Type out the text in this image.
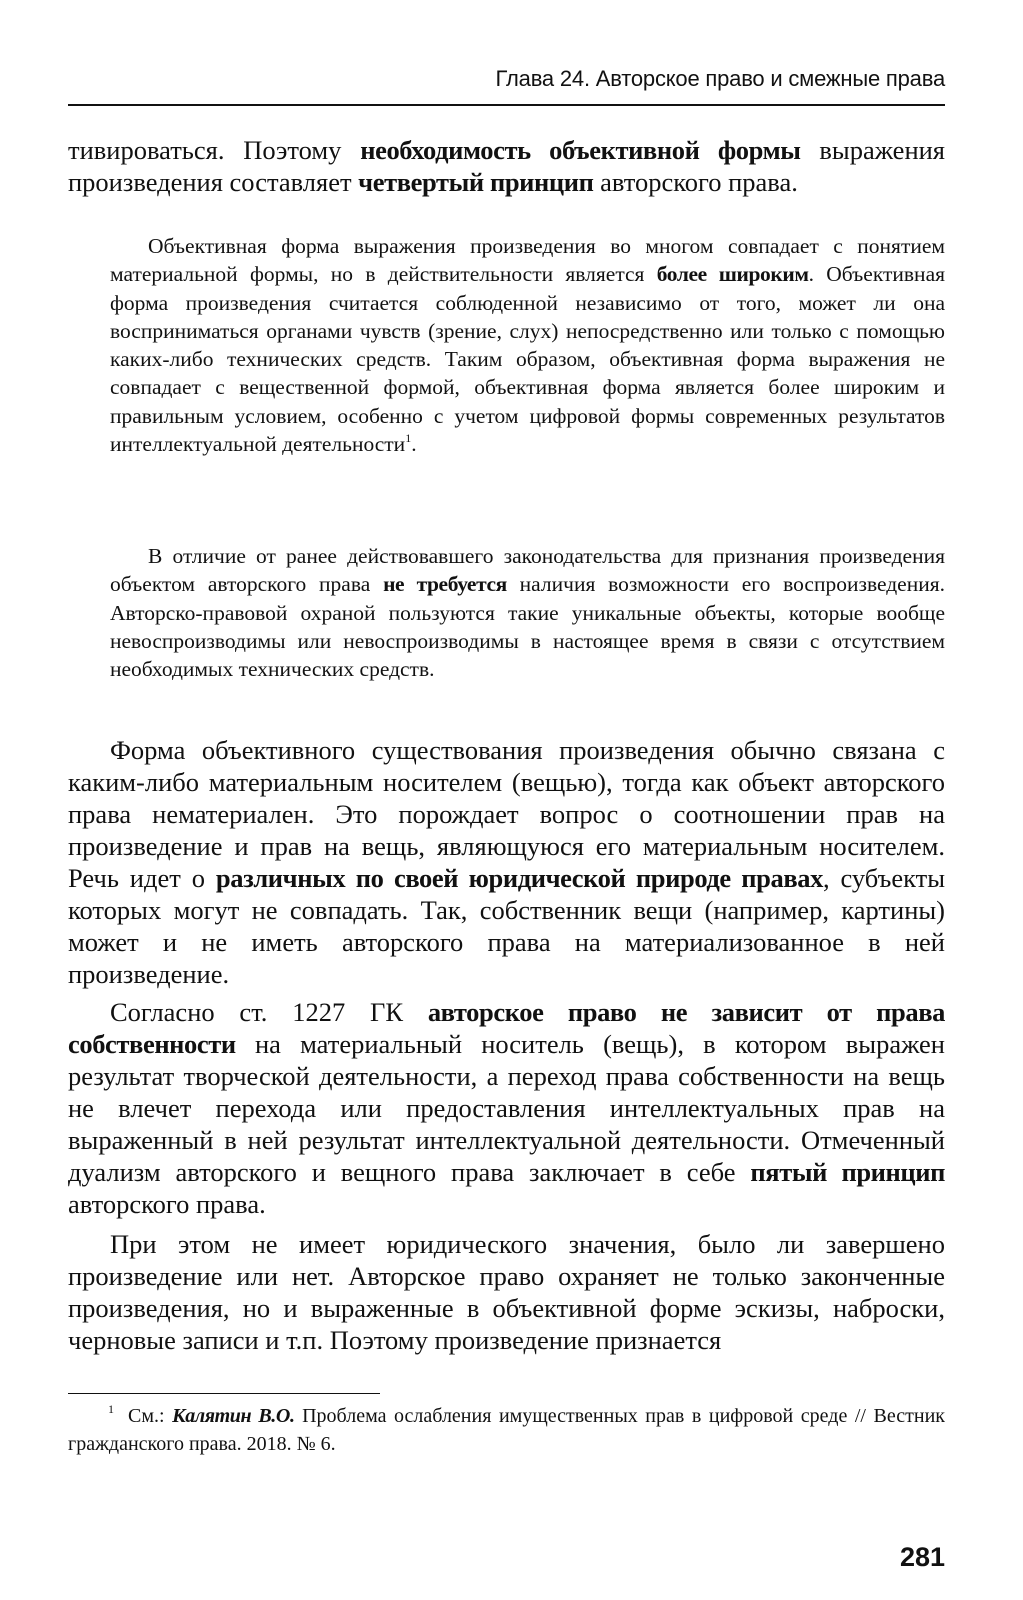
Глава 24. Авторское право и смежные права

тивироваться. Поэтому необходимость объективной формы выражения произведения составляет четвертый принцип авторского права.

Объективная форма выражения произведения во многом совпадает с понятием материальной формы, но в действительности является более широким. Объективная форма произведения считается соблюденной независимо от того, может ли она восприниматься органами чувств (зрение, слух) непосредственно или только с помощью каких-либо технических средств. Таким образом, объективная форма выражения не совпадает с вещественной формой, объективная форма является более широким и правильным условием, особенно с учетом цифровой формы современных результатов интеллектуальной деятельности$^1$.

В отличие от ранее действовавшего законодательства для признания произведения объектом авторского права не требуется наличия возможности его воспроизведения. Авторско-правовой охраной пользуются такие уникальные объекты, которые вообще невоспроизводимы или невоспроизводимы в настоящее время в связи с отсутствием необходимых технических средств.

Форма объективного существования произведения обычно связана с каким-либо материальным носителем (вещью), тогда как объект авторского права нематериален. Это порождает вопрос о соотношении прав на произведение и прав на вещь, являющуюся его материальным носителем. Речь идет о различных по своей юридической природе правах, субъекты которых могут не совпадать. Так, собственник вещи (например, картины) может и не иметь авторского права на материализованное в ней произведение.

Согласно ст. 1227 ГК авторское право не зависит от права собственности на материальный носитель (вещь), в котором выражен результат творческой деятельности, а переход права собственности на вещь не влечет перехода или предоставления интеллектуальных прав на выраженный в ней результат интеллектуальной деятельности. Отмеченный дуализм авторского и вещного права заключает в себе пятый принцип авторского права.

При этом не имеет юридического значения, было ли завершено произведение или нет. Авторское право охраняет не только законченные произведения, но и выраженные в объективной форме эскизы, наброски, черновые записи и т.п. Поэтому произведение признается

$^1$ См.: Калятин В.О. Проблема ослабления имущественных прав в цифровой среде // Вестник гражданского права. 2018. № 6.

281
